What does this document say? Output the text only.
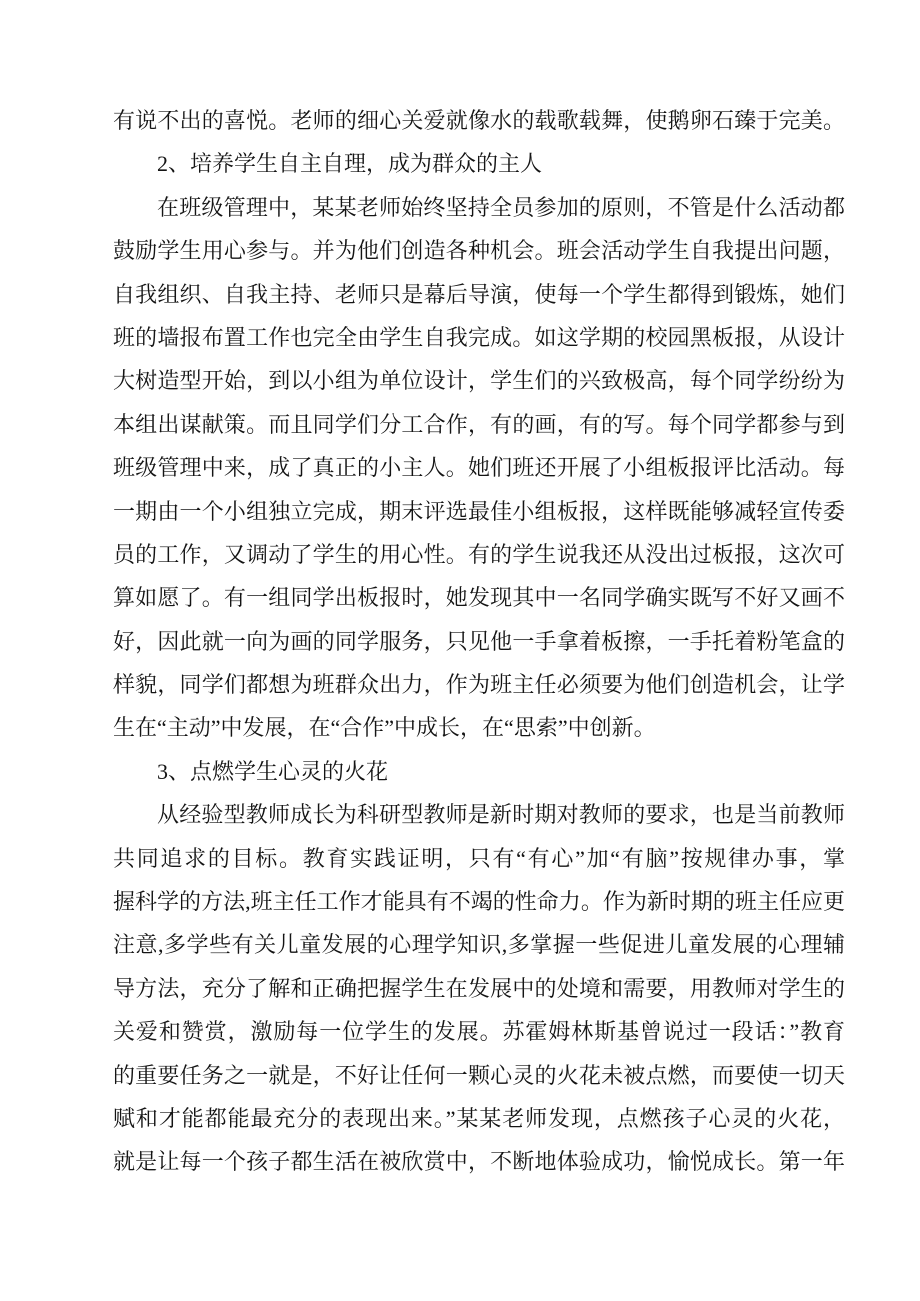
有说不出的喜悦。老师的细心关爱就像水的载歌载舞，使鹅卵石臻于完美。
2、培养学生自主自理，成为群众的主人
在班级管理中，某某老师始终坚持全员参加的原则，不管是什么活动都
鼓励学生用心参与。并为他们创造各种机会。班会活动学生自我提出问题，
自我组织、自我主持、老师只是幕后导演，使每一个学生都得到锻炼，她们
班的墙报布置工作也完全由学生自我完成。如这学期的校园黑板报，从设计
大树造型开始，到以小组为单位设计，学生们的兴致极高，每个同学纷纷为
本组出谋献策。而且同学们分工合作，有的画，有的写。每个同学都参与到
班级管理中来，成了真正的小主人。她们班还开展了小组板报评比活动。每
一期由一个小组独立完成，期末评选最佳小组板报，这样既能够减轻宣传委
员的工作，又调动了学生的用心性。有的学生说我还从没出过板报，这次可
算如愿了。有一组同学出板报时，她发现其中一名同学确实既写不好又画不
好，因此就一向为画的同学服务，只见他一手拿着板擦，一手托着粉笔盒的
样貌，同学们都想为班群众出力，作为班主任必须要为他们创造机会，让学
生在“主动”中发展，在“合作”中成长，在“思索”中创新。
3、点燃学生心灵的火花
从经验型教师成长为科研型教师是新时期对教师的要求，也是当前教师
共同追求的目标。教育实践证明，只有“有心”加“有脑”按规律办事，掌
握科学的方法,班主任工作才能具有不竭的性命力。作为新时期的班主任应更
注意,多学些有关儿童发展的心理学知识,多掌握一些促进儿童发展的心理辅
导方法，充分了解和正确把握学生在发展中的处境和需要，用教师对学生的
关爱和赞赏，激励每一位学生的发展。苏霍姆林斯基曾说过一段话：”教育
的重要任务之一就是，不好让任何一颗心灵的火花未被点燃，而要使一切天
赋和才能都能最充分的表现出来。”某某老师发现，点燃孩子心灵的火花，
就是让每一个孩子都生活在被欣赏中，不断地体验成功，愉悦成长。第一年
